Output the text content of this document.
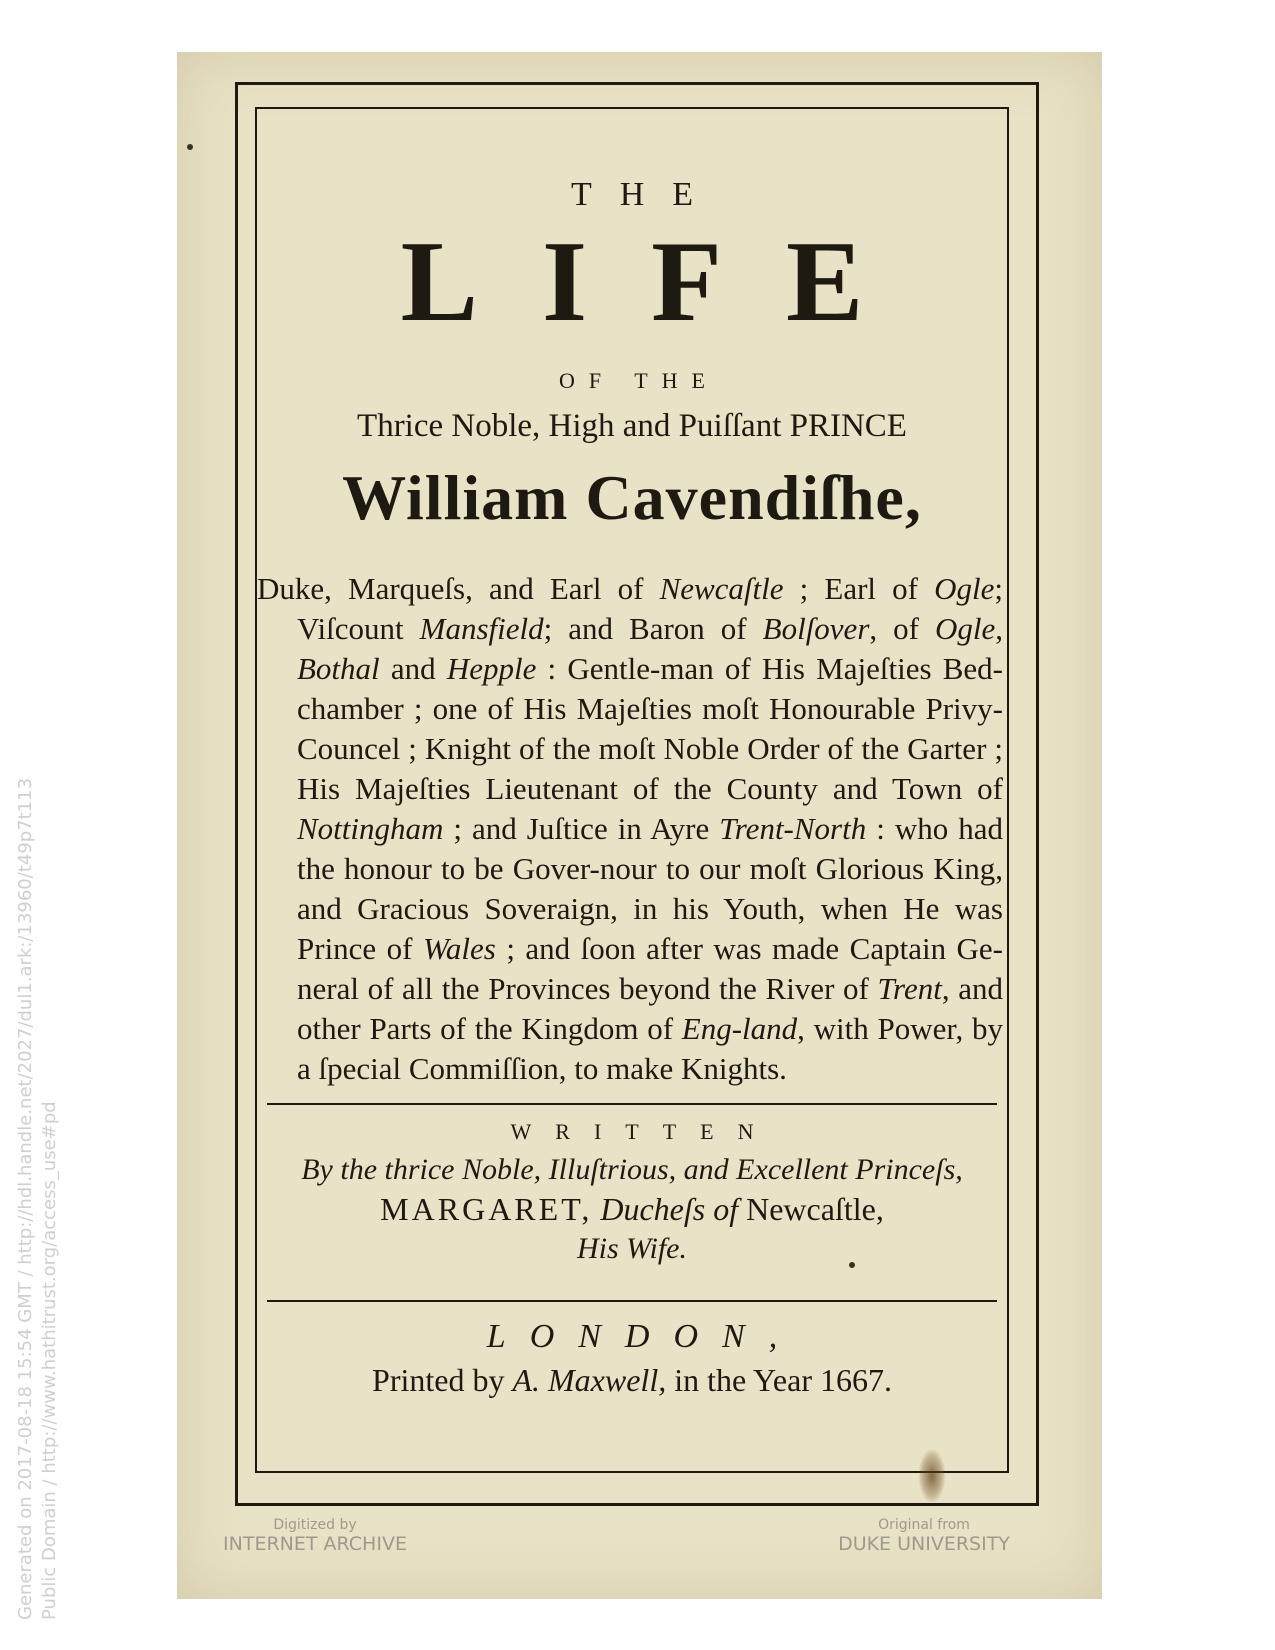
Generated on 2017-08-18 15:54 GMT / http://hdl.handle.net/2027/dul1.ark:/13960/t49p7t113 Public Domain / http://www.hathitrust.org/access_use#pd
THE
LIFE
OF THE
Thrice Noble, High and Puiſſant PRINCE
William Cavendiſhe,
Duke, Marqueſs, and Earl of Newcaſtle ; Earl of Ogle; Viſcount Mansfield; and Baron of Bolſover, of Ogle, Bothal and Hepple : Gentle-man of His Majeſties Bed-chamber ; one of His Majeſties moſt Honourable Privy-Councel ; Knight of the moſt Noble Order of the Garter ; His Majeſties Lieutenant of the County and Town of Nottingham ; and Juſtice in Ayre Trent-North : who had the honour to be Gover-nour to our moſt Glorious King, and Gracious Soveraign, in his Youth, when He was Prince of Wales ; and ſoon after was made Captain Ge-neral of all the Provinces beyond the River of Trent, and other Parts of the Kingdom of Eng-land, with Power, by a ſpecial Commiſſion, to make Knights.
WRITTEN
By the thrice Noble, Illuſtrious, and Excellent Princeſs,
MARGARET, Ducheſs of Newcaſtle,
His Wife.
LONDON,
Printed by A. Maxwell, in the Year 1667.
Digitized by
INTERNET ARCHIVE
Original from
DUKE UNIVERSITY
